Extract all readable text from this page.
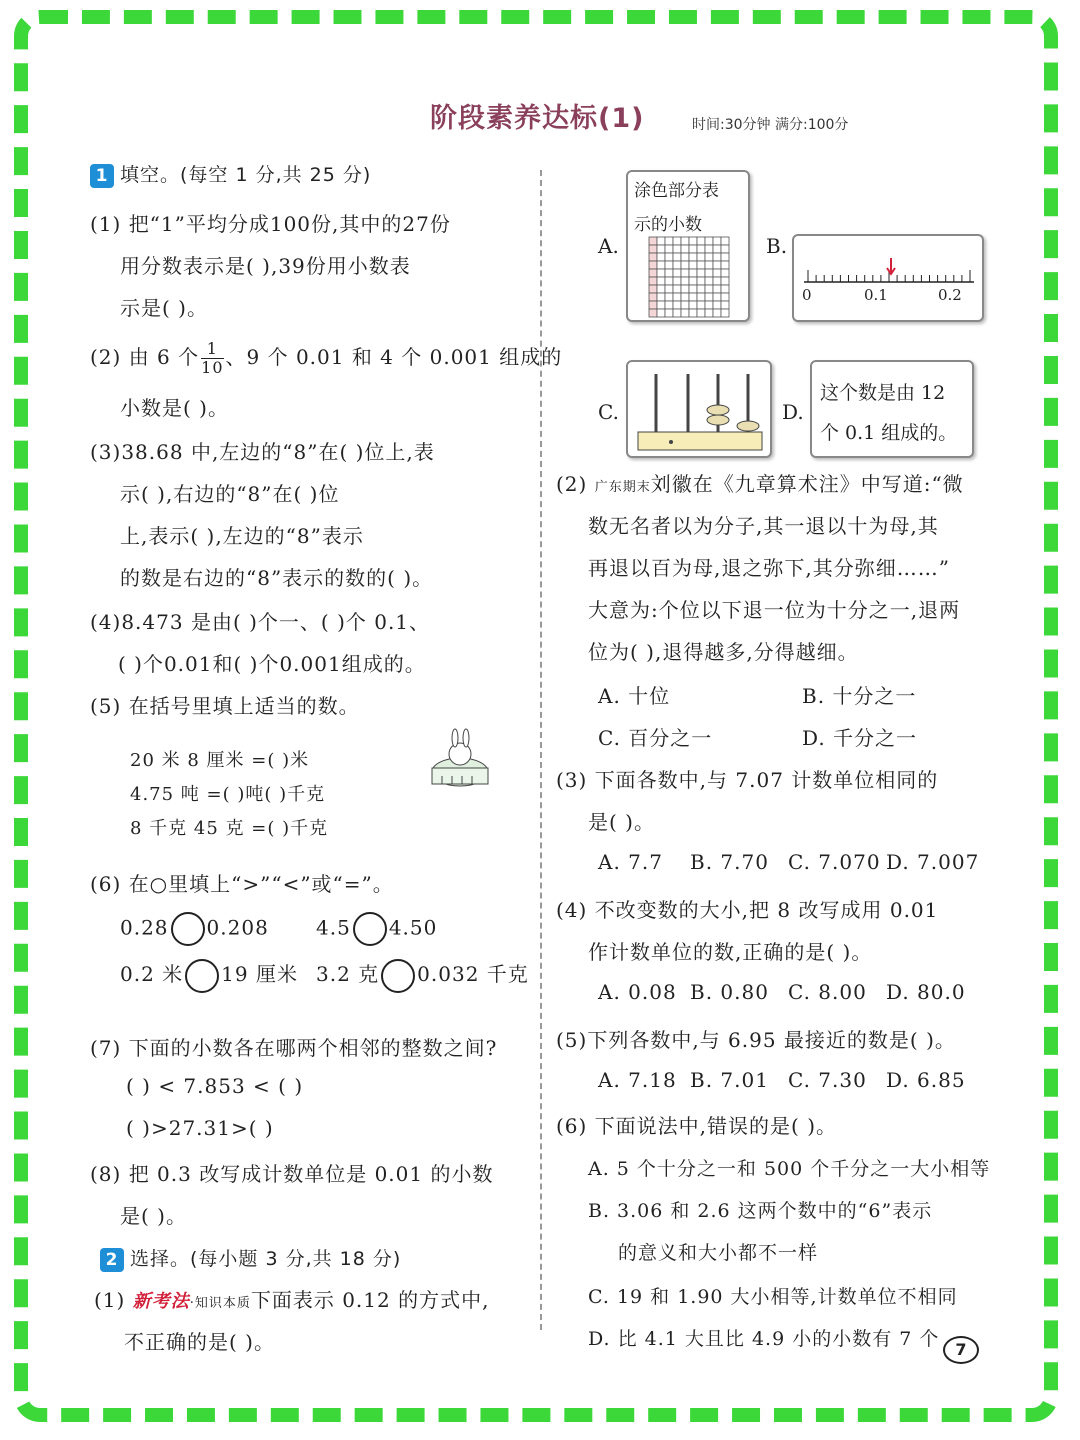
阶段素养达标(1)	时间:30分钟 满分:100分
1 填空。(每空 1 分,共 25 分)
(1) 把“1”平均分成100份,其中的27份
用分数表示是( ),39份用小数表
示是( )。
(2) 由 6 个 $\frac{1}{10}$ 、9 个 0.01 和 4 个 0.001 组成的
小数是( )。
(3)38.68 中,左边的“8”在( )位上,表
示( ),右边的“8”在( )位
上,表示( ),左边的“8”表示
的数是右边的“8”表示的数的( )。
(4)8.473 是由( )个一、( )个 0.1、
( )个0.01和( )个0.001组成的。
(5) 在括号里填上适当的数。
20 米 8 厘米 =( )米
4.75 吨 =( )吨( )千克
8 千克 45 克 =( )千克
(6) 在○里填上“>”“<”或“=”。
0.28 0.208 4.5 4.50
0.2 米 19 厘米 3.2 克 0.032 千克
(7) 下面的小数各在哪两个相邻的整数之间?
( ) < 7.853 < ( )
( )>27.31>( )
(8) 把 0.3 改写成计数单位是 0.01 的小数
是( )。
2 选择。(每小题 3 分,共 18 分)
(1) 新考法·知识本质下面表示 0.12 的方式中,
不正确的是( )。
A.
涂色部分表
示的小数
B.
0	0.1	0.2
C.	D.
这个数是由 12
个 0.1 组成的。
(2) 广东期末刘徽在《九章算术注》中写道:“微
数无名者以为分子,其一退以十为母,其
再退以百为母,退之弥下,其分弥细……”
大意为:个位以下退一位为十分之一,退两
位为( ),退得越多,分得越细。
A. 十位	B. 十分之一
C. 百分之一	D. 千分之一
(3) 下面各数中,与 7.07 计数单位相同的
是( )。
A. 7.7 B. 7.70 C. 7.070 D. 7.007
(4) 不改变数的大小,把 8 改写成用 0.01
作计数单位的数,正确的是( )。
A. 0.08 B. 0.80 C. 8.00 D. 80.0
(5)下列各数中,与 6.95 最接近的数是( )。
A. 7.18 B. 7.01 C. 7.30 D. 6.85
(6) 下面说法中,错误的是( )。
A. 5 个十分之一和 500 个千分之一大小相等
B. 3.06 和 2.6 这两个数中的“6”表示
的意义和大小都不一样
C. 19 和 1.90 大小相等,计数单位不相同
D. 比 4.1 大且比 4.9 小的小数有 7 个	7
